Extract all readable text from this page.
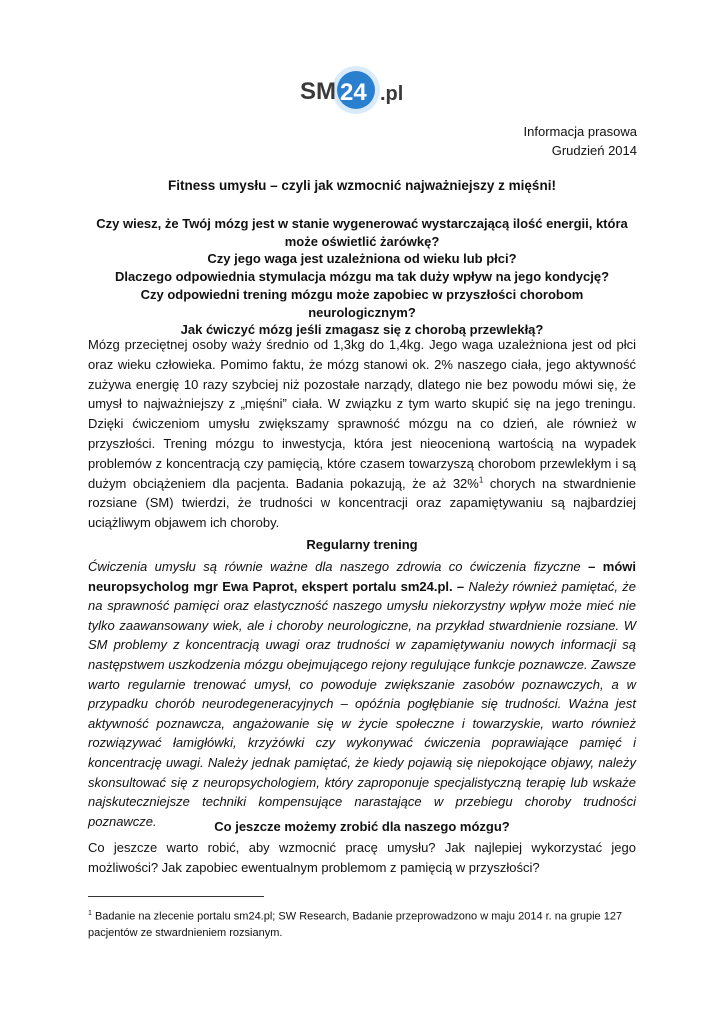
SM 24 .pl
Informacja prasowa
Grudzień 2014
Fitness umysłu – czyli jak wzmocnić najważniejszy z mięśni!

Czy wiesz, że Twój mózg jest w stanie wygenerować wystarczającą ilość energii, która może oświetlić żarówkę?

Czy jego waga jest uzależniona od wieku lub płci?

Dlaczego odpowiednia stymulacja mózgu ma tak duży wpływ na jego kondycję?

Czy odpowiedni trening mózgu może zapobiec w przyszłości chorobom neurologicznym?

Jak ćwiczyć mózg jeśli zmagasz się z chorobą przewlekłą?

Mózg przeciętnej osoby waży średnio od 1,3kg do 1,4kg. Jego waga uzależniona jest od płci oraz wieku człowieka. Pomimo faktu, że mózg stanowi ok. 2% naszego ciała, jego aktywność zużywa energię 10 razy szybciej niż pozostałe narządy, dlatego nie bez powodu mówi się, że umysł to najważniejszy z „mięśni” ciała. W związku z tym warto skupić się na jego treningu. Dzięki ćwiczeniom umysłu zwiększamy sprawność mózgu na co dzień, ale również w przyszłości. Trening mózgu to inwestycja, która jest nieocenioną wartością na wypadek problemów z koncentracją czy pamięcią, które czasem towarzyszą chorobom przewlekłym i są dużym obciążeniem dla pacjenta. Badania pokazują, że aż 32%$^1$ chorych na stwardnienie rozsiane (SM) twierdzi, że trudności w koncentracji oraz zapamiętywaniu są najbardziej uciążliwym objawem ich choroby.

Regularny trening

Ćwiczenia umysłu są równie ważne dla naszego zdrowia co ćwiczenia fizyczne – mówi neuropsycholog mgr Ewa Paprot, ekspert portalu sm24.pl. – Należy również pamiętać, że na sprawność pamięci oraz elastyczność naszego umysłu niekorzystny wpływ może mieć nie tylko zaawansowany wiek, ale i choroby neurologiczne, na przykład stwardnienie rozsiane. W SM problemy z koncentracją uwagi oraz trudności w zapamiętywaniu nowych informacji są następstwem uszkodzenia mózgu obejmującego rejony regulujące funkcje poznawcze. Zawsze warto regularnie trenować umysł, co powoduje zwiększanie zasobów poznawczych, a w przypadku chorób neurodegeneracyjnych – opóźnia pogłębianie się trudności. Ważna jest aktywność poznawcza, angażowanie się w życie społeczne i towarzyskie, warto również rozwiązywać łamigłówki, krzyżówki czy wykonywać ćwiczenia poprawiające pamięć i koncentrację uwagi. Należy jednak pamiętać, że kiedy pojawią się niepokojące objawy, należy skonsultować się z neuropsychologiem, który zaproponuje specjalistyczną terapię lub wskaże najskuteczniejsze techniki kompensujące narastające w przebiegu choroby trudności poznawcze.	Co jeszcze możemy zrobić dla naszego mózgu?

Co jeszcze warto robić, aby wzmocnić pracę umysłu? Jak najlepiej wykorzystać jego możliwości? Jak zapobiec ewentualnym problemom z pamięcią w przyszłości?

$^1$ Badanie na zlecenie portalu sm24.pl; SW Research, Badanie przeprowadzono w maju 2014 r. na grupie 127 pacjentów ze stwardnieniem rozsianym.
